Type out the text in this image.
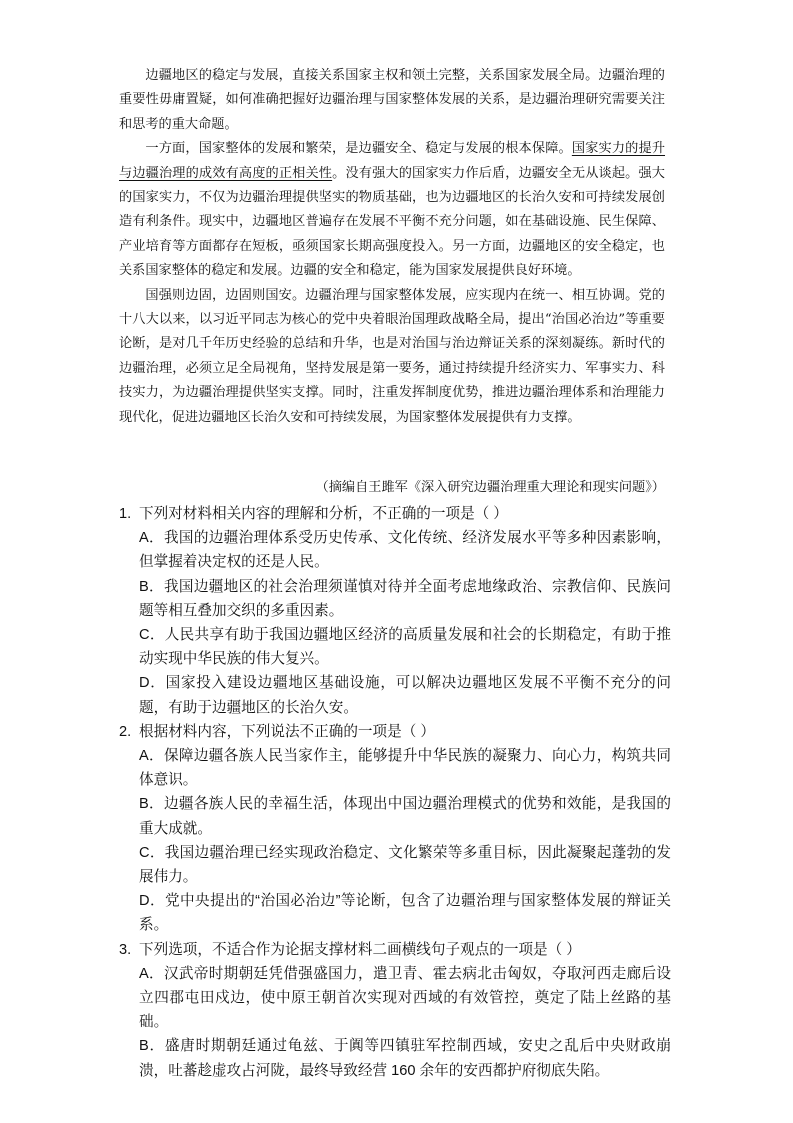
边疆地区的稳定与发展，直接关系国家主权和领土完整，关系国家发展全局。边疆治理的重要性毋庸置疑，如何准确把握好边疆治理与国家整体发展的关系，是边疆治理研究需要关注和思考的重大命题。

一方面，国家整体的发展和繁荣，是边疆安全、稳定与发展的根本保障。国家实力的提升与边疆治理的成效有高度的正相关性。没有强大的国家实力作后盾，边疆安全无从谈起。强大的国家实力，不仅为边疆治理提供坚实的物质基础，也为边疆地区的长治久安和可持续发展创造有利条件。现实中，边疆地区普遍存在发展不平衡不充分问题，如在基础设施、民生保障、产业培育等方面都存在短板，亟须国家长期高强度投入。另一方面，边疆地区的安全稳定，也关系国家整体的稳定和发展。边疆的安全和稳定，能为国家发展提供良好环境。

国强则边固，边固则国安。边疆治理与国家整体发展，应实现内在统一、相互协调。党的十八大以来，以习近平同志为核心的党中央着眼治国理政战略全局，提出“治国必治边”等重要论断，是对几千年历史经验的总结和升华，也是对治国与治边辩证关系的深刻凝练。新时代的边疆治理，必须立足全局视角，坚持发展是第一要务，通过持续提升经济实力、军事实力、科技实力，为边疆治理提供坚实支撑。同时，注重发挥制度优势，推进边疆治理体系和治理能力现代化，促进边疆地区长治久安和可持续发展，为国家整体发展提供有力支撑。

（摘编自王雎军《深入研究边疆治理重大理论和现实问题》）

1. 下列对材料相关内容的理解和分析，不正确的一项是（ ）

A．我国的边疆治理体系受历史传承、文化传统、经济发展水平等多种因素影响，但掌握着决定权的还是人民。

B．我国边疆地区的社会治理须谨慎对待并全面考虑地缘政治、宗教信仰、民族问题等相互叠加交织的多重因素。

C．人民共享有助于我国边疆地区经济的高质量发展和社会的长期稳定，有助于推动实现中华民族的伟大复兴。

D．国家投入建设边疆地区基础设施，可以解决边疆地区发展不平衡不充分的问题，有助于边疆地区的长治久安。

2. 根据材料内容，下列说法不正确的一项是（ ）

A．保障边疆各族人民当家作主，能够提升中华民族的凝聚力、向心力，构筑共同体意识。

B．边疆各族人民的幸福生活，体现出中国边疆治理模式的优势和效能，是我国的重大成就。

C．我国边疆治理已经实现政治稳定、文化繁荣等多重目标，因此凝聚起蓬勃的发展伟力。

D．党中央提出的“治国必治边”等论断，包含了边疆治理与国家整体发展的辩证关系。

3. 下列选项，不适合作为论据支撑材料二画横线句子观点的一项是（ ）

A．汉武帝时期朝廷凭借强盛国力，遣卫青、霍去病北击匈奴，夺取河西走廊后设立四郡屯田戍边，使中原王朝首次实现对西域的有效管控，奠定了陆上丝路的基础。

B．盛唐时期朝廷通过龟兹、于阗等四镇驻军控制西域，安史之乱后中央财政崩溃，吐蕃趁虚攻占河陇，最终导致经营 160 余年的安西都护府彻底失陷。
